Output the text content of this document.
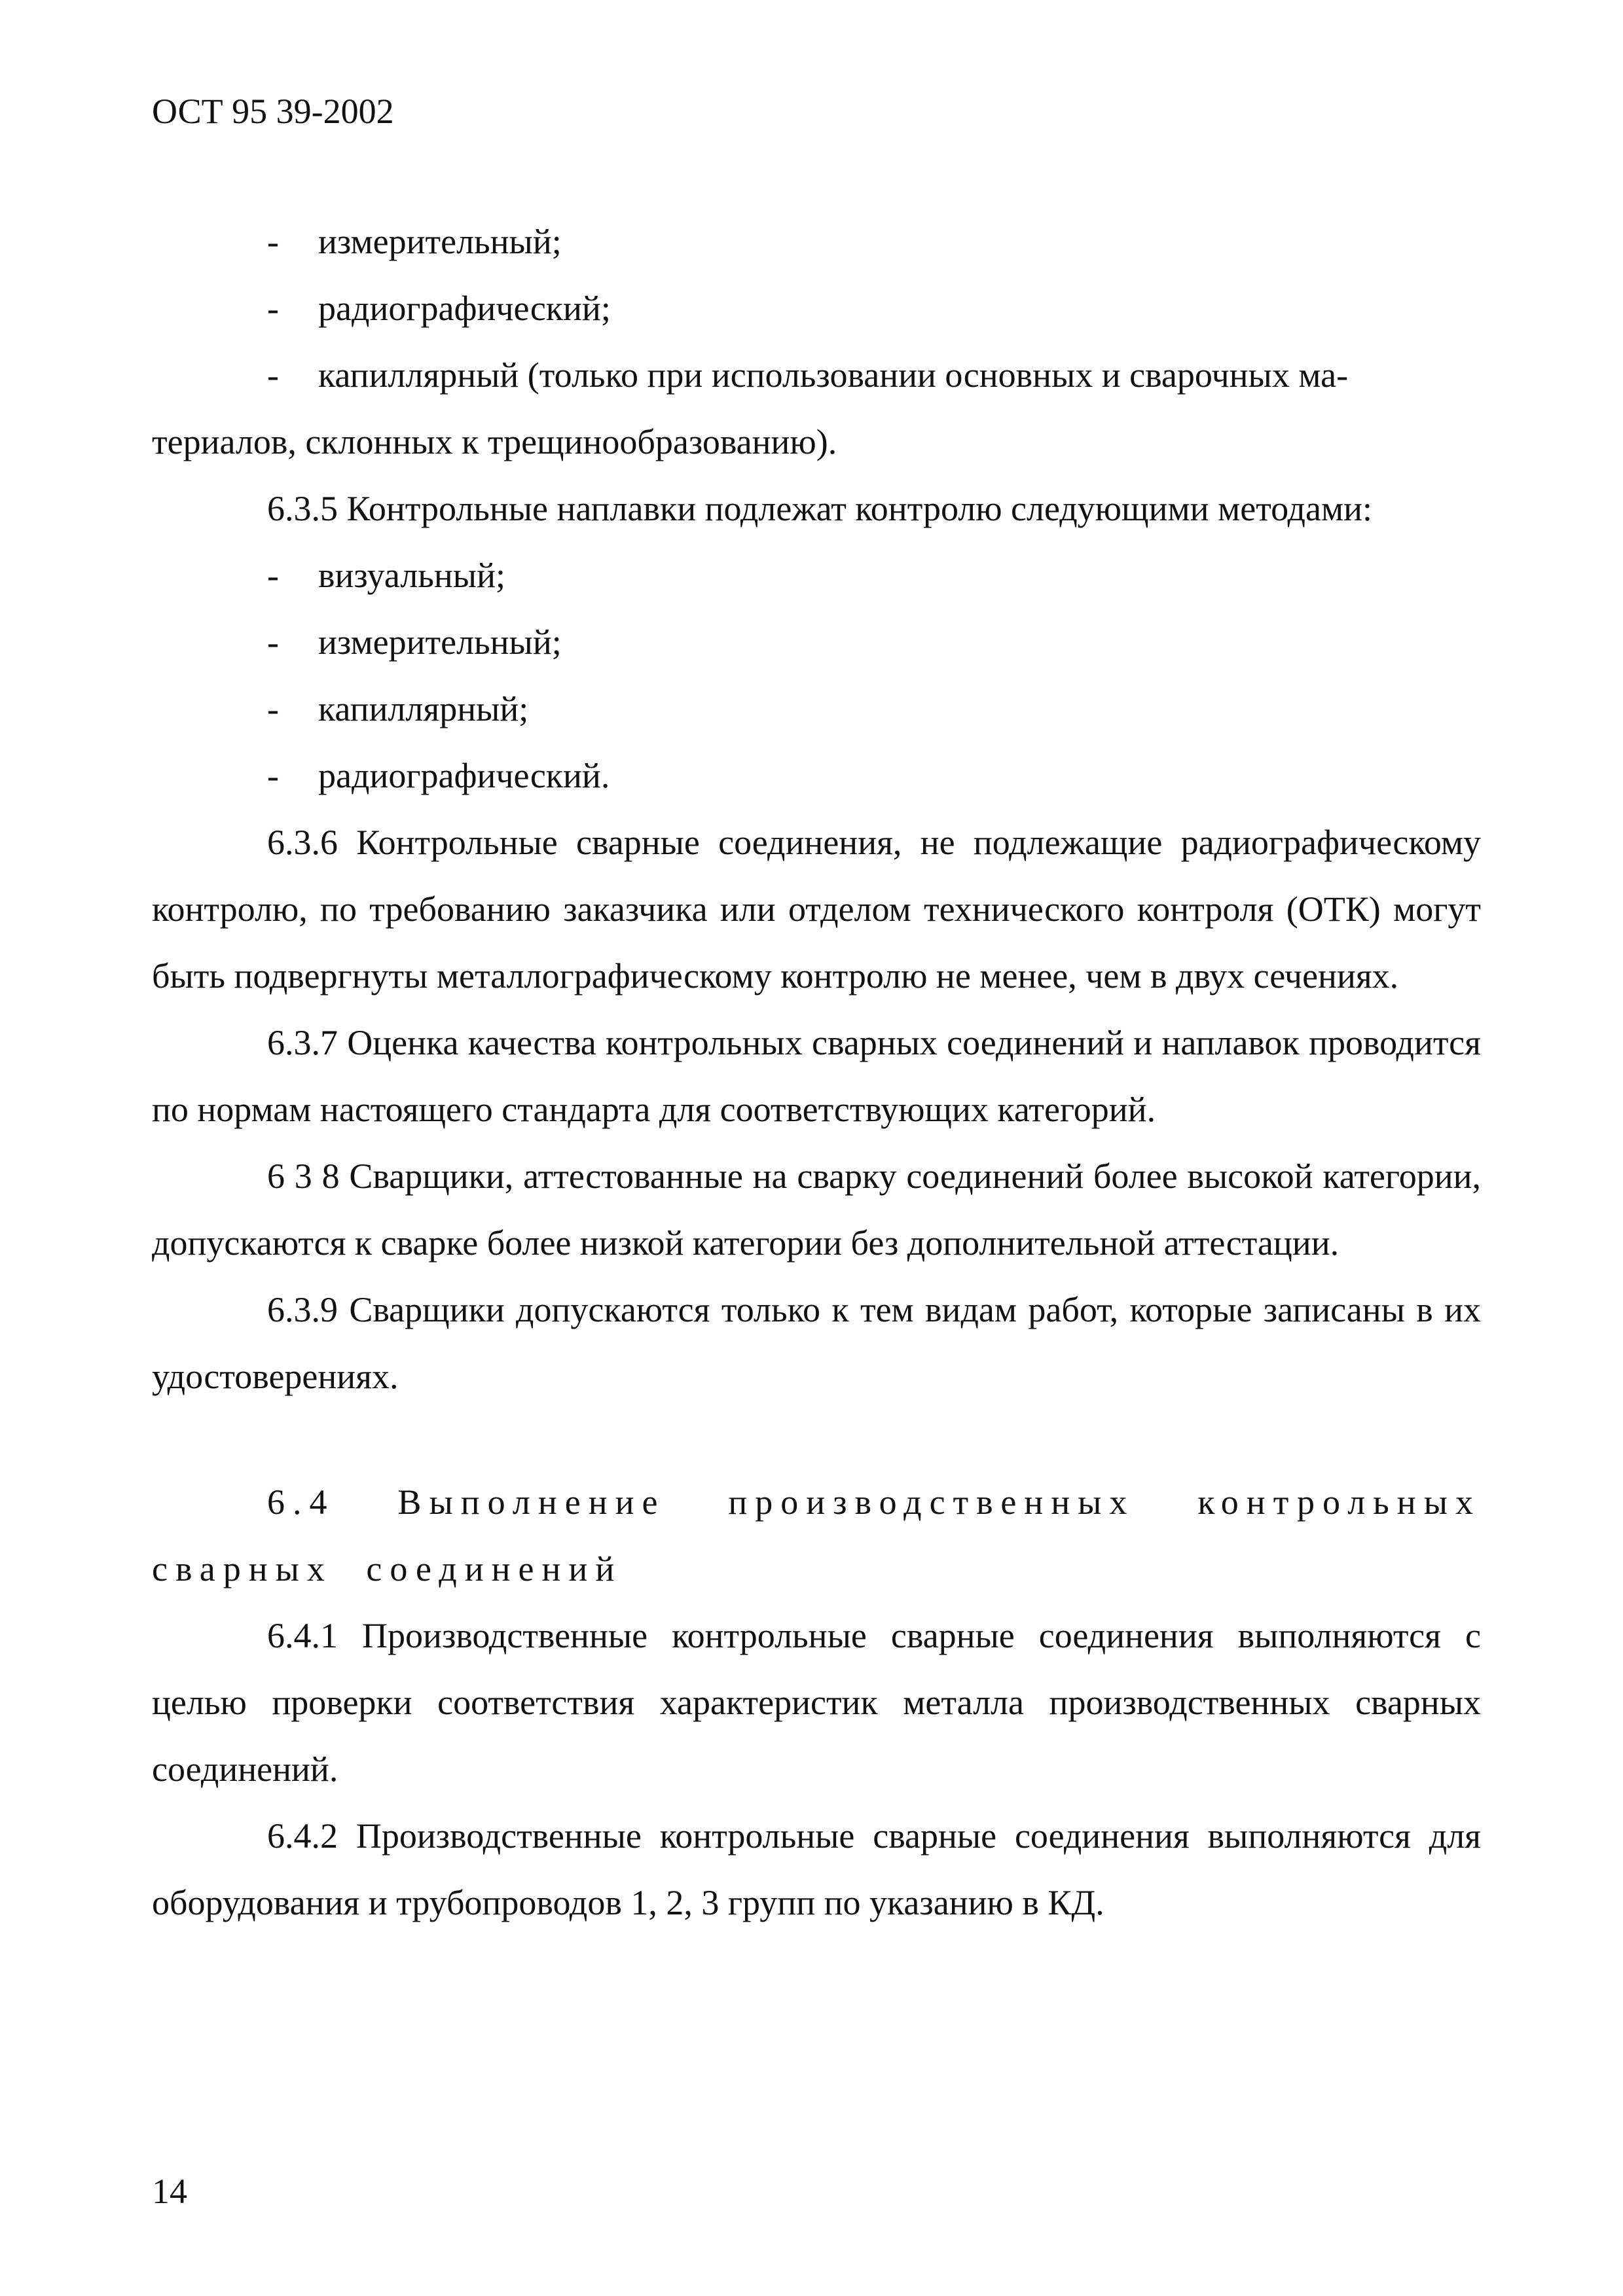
ОСТ 95 39-2002

- измерительный;

- радиографический;

- капиллярный (только при использовании основных и сварочных ма-

териалов, склонных к трещинообразованию).

6.3.5 Контрольные наплавки подлежат контролю следующими методами:

- визуальный;

- измерительный;

- капиллярный;

- радиографический.

6.3.6 Контрольные сварные соединения, не подлежащие радиографическому контролю, по требованию заказчика или отделом технического контроля (ОТК) могут быть подвергнуты металлографическому контролю не менее, чем в двух сечениях.

6.3.7 Оценка качества контрольных сварных соединений и наплавок проводится по нормам настоящего стандарта для соответствующих категорий.

6 3 8 Сварщики, аттестованные на сварку соединений более высокой категории, допускаются к сварке более низкой категории без дополнительной аттестации.

6.3.9 Сварщики допускаются только к тем видам работ, которые записаны в их удостоверениях.

6.4 Выполнение производственных контрольных сварных соединений

6.4.1 Производственные контрольные сварные соединения выполняются с целью проверки соответствия характеристик металла производственных сварных соединений.

6.4.2 Производственные контрольные сварные соединения выполняются для оборудования и трубопроводов 1, 2, 3 групп по указанию в КД.

14
